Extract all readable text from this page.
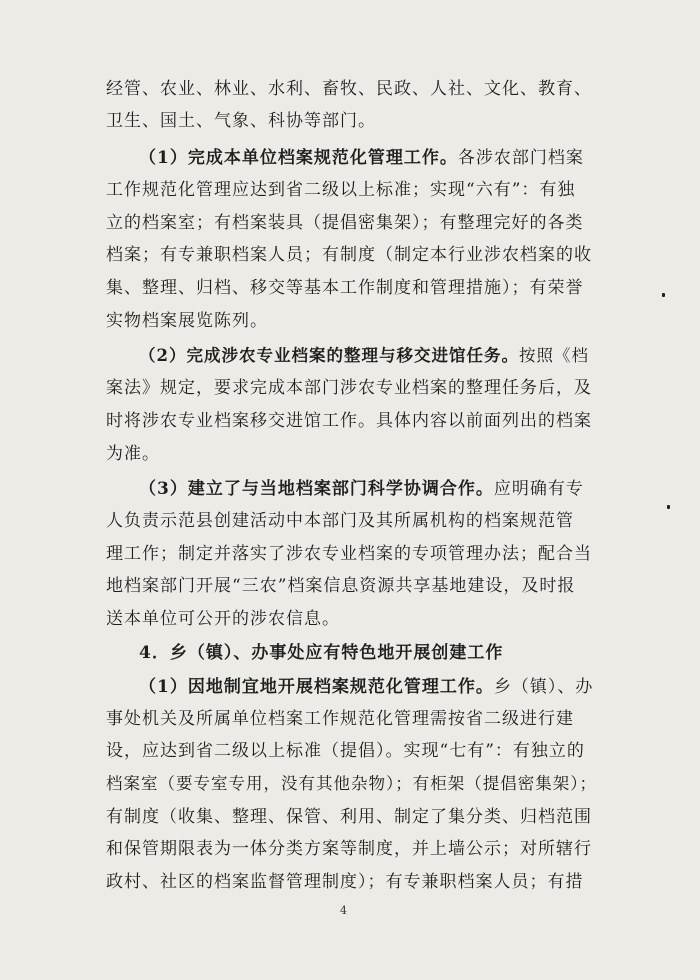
经管、农业、林业、水利、畜牧、民政、人社、文化、教育、
卫生、国土、气象、科协等部门。
（1）完成本单位档案规范化管理工作。各涉农部门档案
工作规范化管理应达到省二级以上标准；实现“六有”：有独
立的档案室；有档案装具（提倡密集架）；有整理完好的各类
档案；有专兼职档案人员；有制度（制定本行业涉农档案的收
集、整理、归档、移交等基本工作制度和管理措施）；有荣誉
实物档案展览陈列。
（2）完成涉农专业档案的整理与移交进馆任务。按照《档
案法》规定，要求完成本部门涉农专业档案的整理任务后，及
时将涉农专业档案移交进馆工作。具体内容以前面列出的档案
为准。
（3）建立了与当地档案部门科学协调合作。应明确有专
人负责示范县创建活动中本部门及其所属机构的档案规范管
理工作；制定并落实了涉农专业档案的专项管理办法；配合当
地档案部门开展“三农”档案信息资源共享基地建设，及时报
送本单位可公开的涉农信息。
4．乡（镇）、办事处应有特色地开展创建工作
（1）因地制宜地开展档案规范化管理工作。乡（镇）、办
事处机关及所属单位档案工作规范化管理需按省二级进行建
设，应达到省二级以上标准（提倡）。实现“七有”：有独立的
档案室（要专室专用，没有其他杂物）；有柜架（提倡密集架）；
有制度（收集、整理、保管、利用、制定了集分类、归档范围
和保管期限表为一体分类方案等制度，并上墙公示；对所辖行
政村、社区的档案监督管理制度）；有专兼职档案人员；有措
4
